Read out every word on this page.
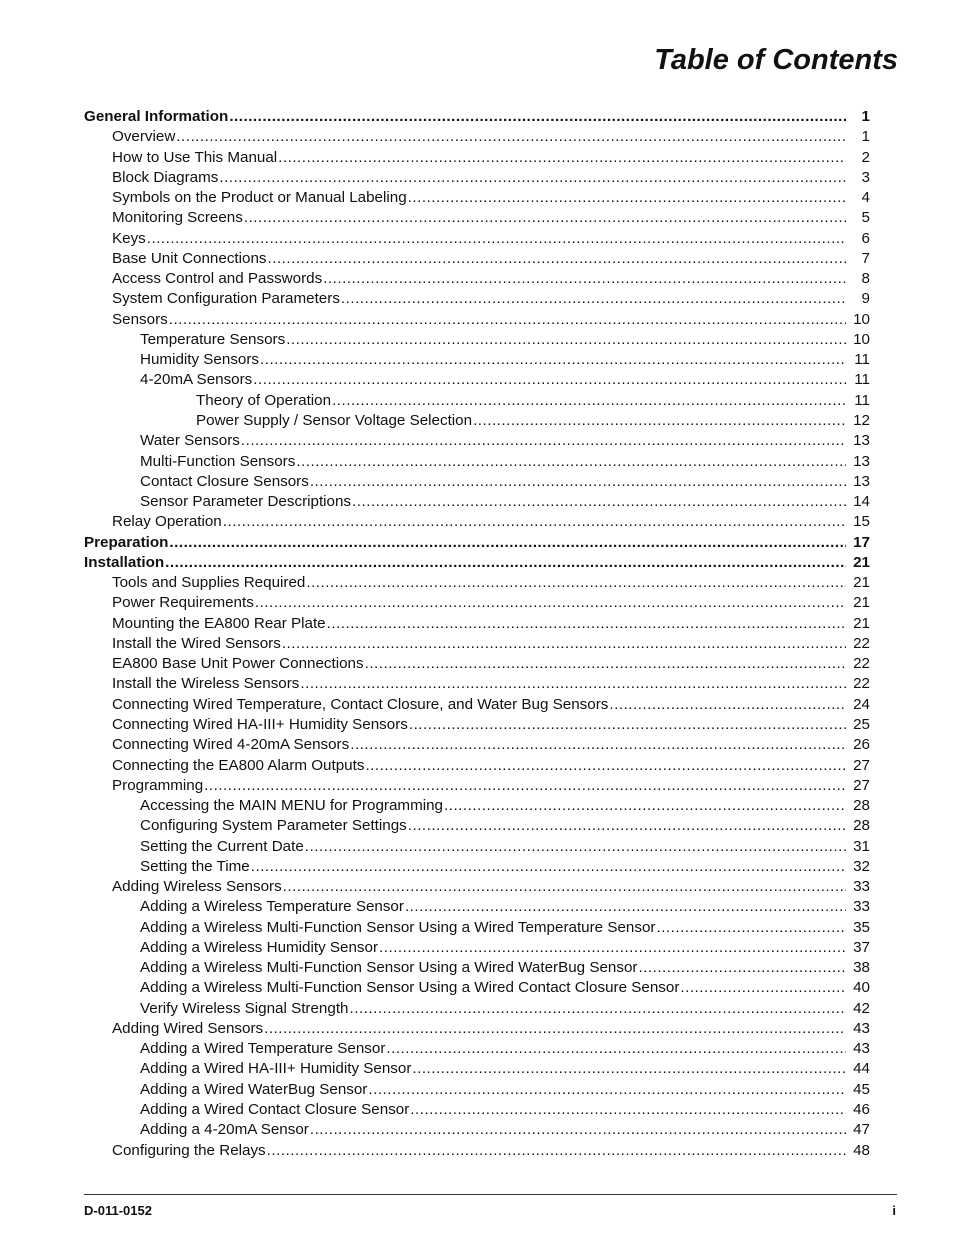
Table of Contents
General Information .....	1
Overview .....	1
How to Use This Manual .....	2
Block Diagrams .....	3
Symbols on the Product or Manual Labeling .....	4
Monitoring Screens .....	5
Keys .....	6
Base Unit Connections .....	7
Access Control and Passwords .....	8
System Configuration Parameters .....	9
Sensors .....	10
Temperature Sensors .....	10
Humidity Sensors .....	11
4-20mA Sensors .....	11
Theory of Operation .....	11
Power Supply / Sensor Voltage Selection .....	12
Water Sensors .....	13
Multi-Function Sensors .....	13
Contact Closure Sensors .....	13
Sensor Parameter Descriptions .....	14
Relay Operation .....	15
Preparation .....	17
Installation .....	21
Tools and Supplies Required .....	21
Power Requirements .....	21
Mounting the EA800 Rear Plate .....	21
Install the Wired Sensors .....	22
EA800 Base Unit Power Connections .....	22
Install the Wireless Sensors .....	22
Connecting Wired Temperature, Contact Closure, and Water Bug Sensors .....	24
Connecting Wired HA-III+ Humidity Sensors .....	25
Connecting Wired 4-20mA Sensors .....	26
Connecting the EA800 Alarm Outputs .....	27
Programming .....	27
Accessing the MAIN MENU for Programming .....	28
Configuring System Parameter Settings .....	28
Setting the Current Date .....	31
Setting the Time .....	32
Adding Wireless Sensors .....	33
Adding a Wireless Temperature Sensor .....	33
Adding a Wireless Multi-Function Sensor Using a Wired Temperature Sensor .....	35
Adding a Wireless Humidity Sensor .....	37
Adding a Wireless Multi-Function Sensor Using a Wired WaterBug Sensor .....	38
Adding a Wireless Multi-Function Sensor Using a Wired Contact Closure Sensor .....	40
Verify Wireless Signal Strength .....	42
Adding Wired Sensors .....	43
Adding a Wired Temperature Sensor .....	43
Adding a Wired HA-III+ Humidity Sensor .....	44
Adding a Wired WaterBug Sensor .....	45
Adding a Wired Contact Closure Sensor .....	46
Adding a 4-20mA Sensor .....	47
Configuring the Relays .....	48
D-011-0152	i
